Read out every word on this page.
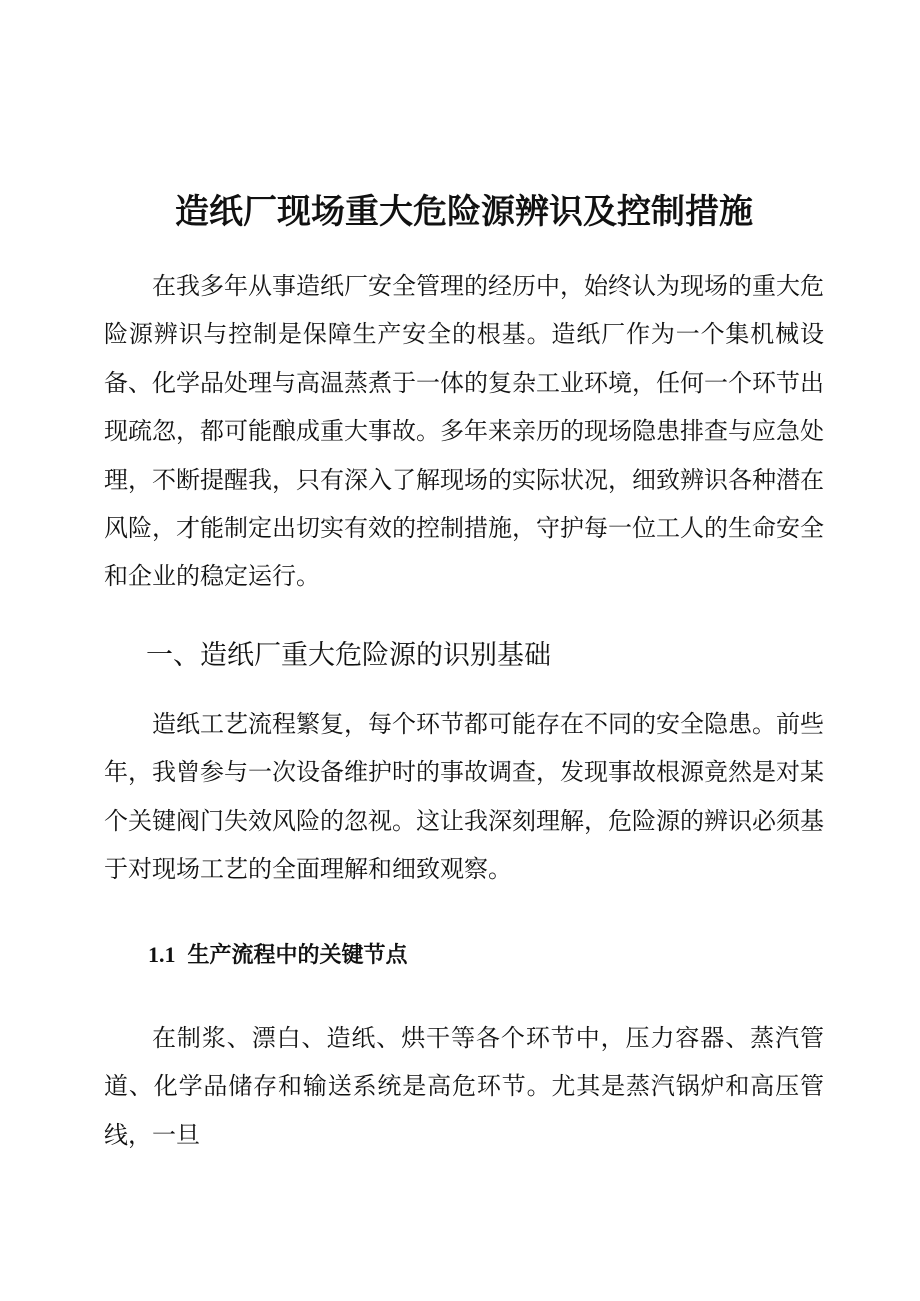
造纸厂现场重大危险源辨识及控制措施

在我多年从事造纸厂安全管理的经历中，始终认为现场的重大危险源辨识与控制是保障生产安全的根基。造纸厂作为一个集机械设备、化学品处理与高温蒸煮于一体的复杂工业环境，任何一个环节出现疏忽，都可能酿成重大事故。多年来亲历的现场隐患排查与应急处理，不断提醒我，只有深入了解现场的实际状况，细致辨识各种潜在风险，才能制定出切实有效的控制措施，守护每一位工人的生命安全和企业的稳定运行。

一、造纸厂重大危险源的识别基础

造纸工艺流程繁复，每个环节都可能存在不同的安全隐患。前些年，我曾参与一次设备维护时的事故调查，发现事故根源竟然是对某个关键阀门失效风险的忽视。这让我深刻理解，危险源的辨识必须基于对现场工艺的全面理解和细致观察。

1.1 生产流程中的关键节点

在制浆、漂白、造纸、烘干等各个环节中，压力容器、蒸汽管道、化学品储存和输送系统是高危环节。尤其是蒸汽锅炉和高压管线，一旦
